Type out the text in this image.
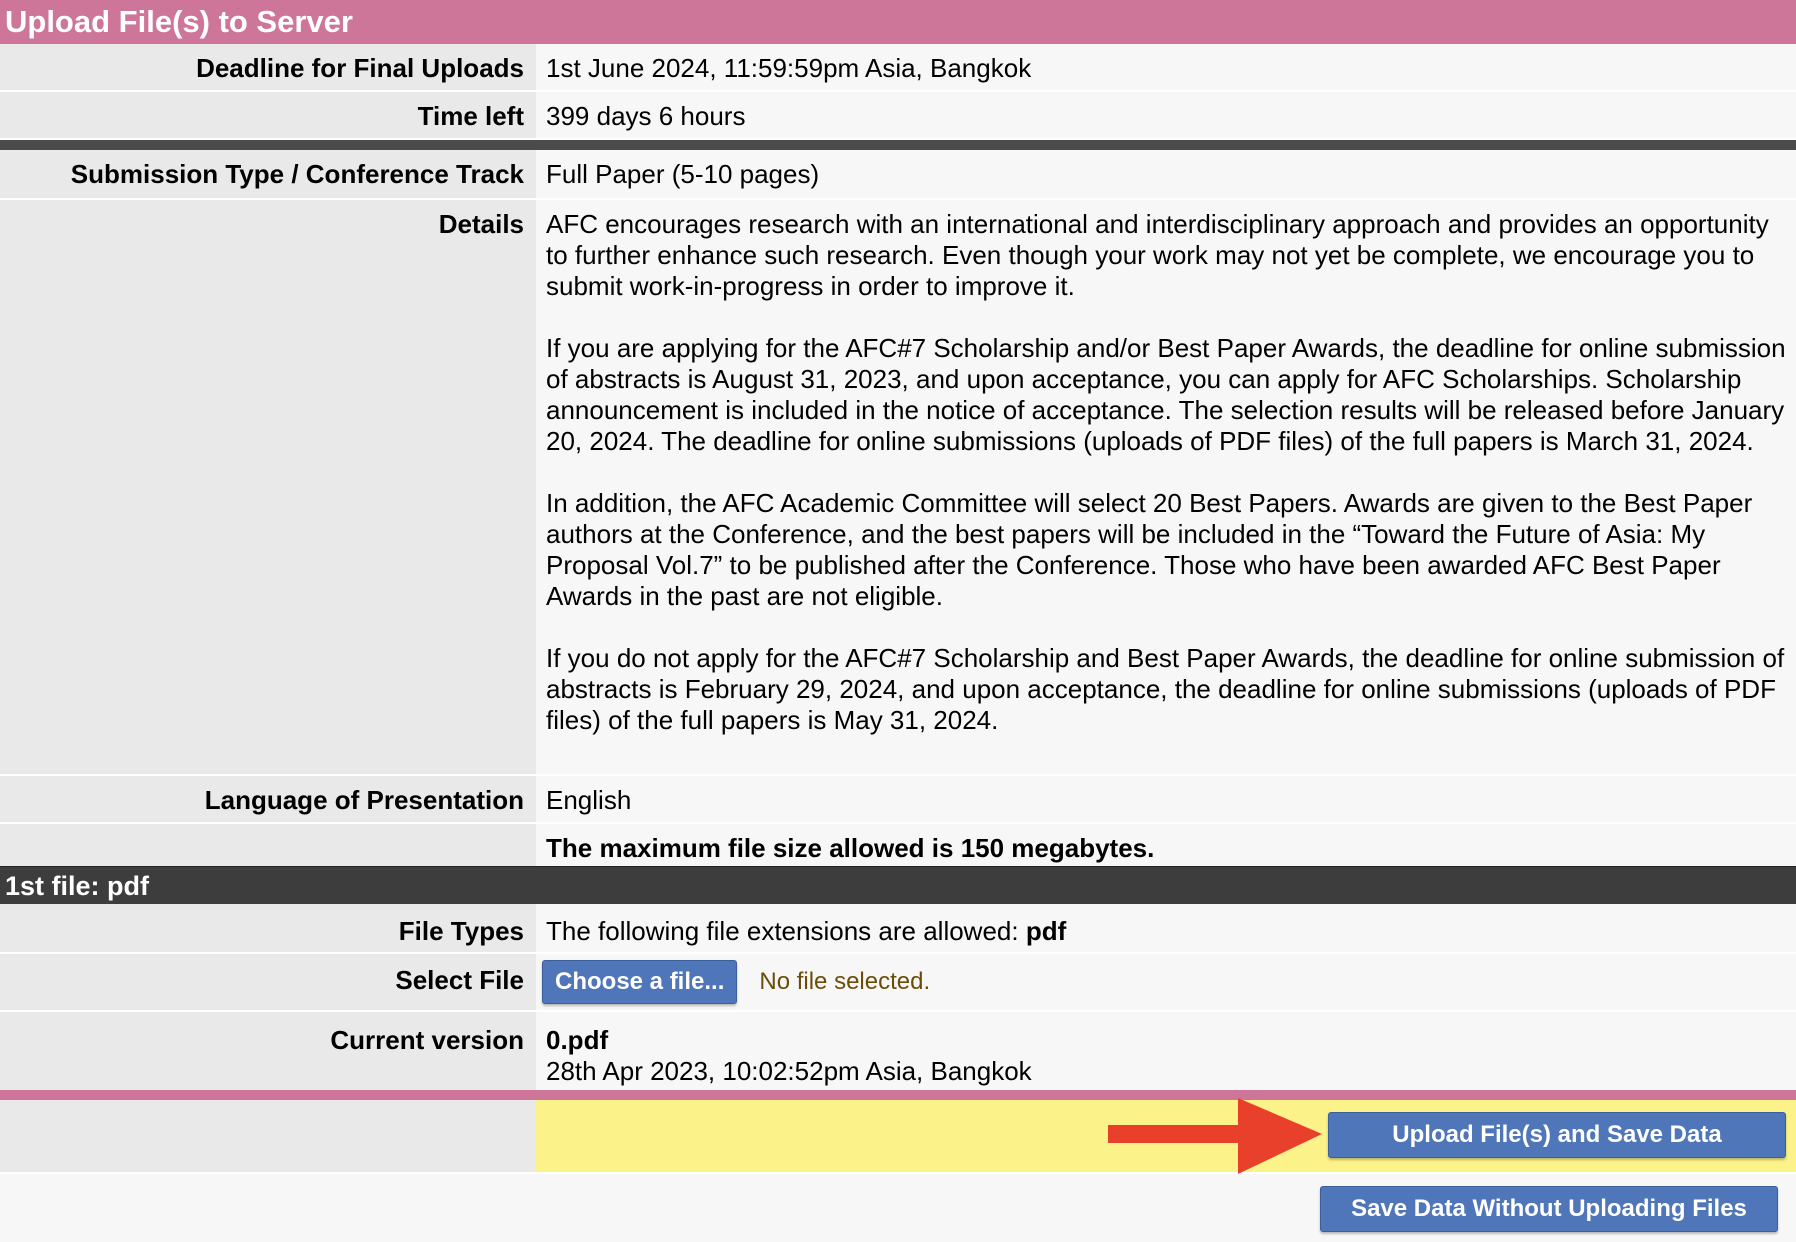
Upload File(s) to Server
Deadline for Final Uploads 1st June 2024, 11:59:59pm Asia, Bangkok
Time left 399 days 6 hours
Submission Type / Conference Track Full Paper (5-10 pages)
Details AFC encourages research with an international and interdisciplinary approach and provides an opportunity to further enhance such research. Even though your work may not yet be complete, we encourage you to submit work-in-progress in order to improve it.

If you are applying for the AFC#7 Scholarship and/or Best Paper Awards, the deadline for online submission of abstracts is August 31, 2023, and upon acceptance, you can apply for AFC Scholarships. Scholarship announcement is included in the notice of acceptance. The selection results will be released before January 20, 2024. The deadline for online submissions (uploads of PDF files) of the full papers is March 31, 2024.

In addition, the AFC Academic Committee will select 20 Best Papers. Awards are given to the Best Paper authors at the Conference, and the best papers will be included in the “Toward the Future of Asia: My Proposal Vol.7” to be published after the Conference. Those who have been awarded AFC Best Paper Awards in the past are not eligible.

If you do not apply for the AFC#7 Scholarship and Best Paper Awards, the deadline for online submission of abstracts is February 29, 2024, and upon acceptance, the deadline for online submissions (uploads of PDF files) of the full papers is May 31, 2024.

Language of Presentation English
The maximum file size allowed is 150 megabytes.
1st file: pdf
File Types The following file extensions are allowed: pdf
Select File	Choose a file...	No file selected.
Current version 0.pdf
28th Apr 2023, 10:02:52pm Asia, Bangkok
Upload File(s) and Save Data
Save Data Without Uploading Files
